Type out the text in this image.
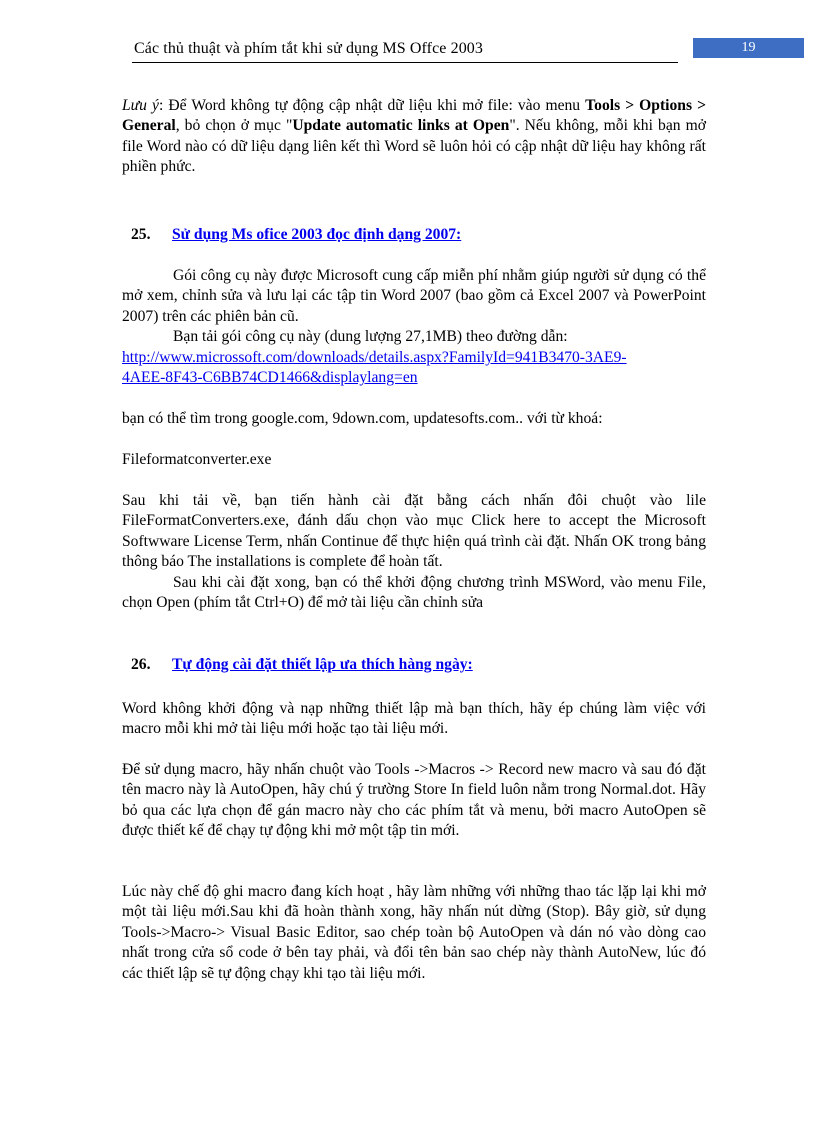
Các thủ thuật và phím tắt khi sử dụng MS Offce 2003	19

Lưu ý: Để Word không tự động cập nhật dữ liệu khi mở file: vào menu Tools > Options > General, bỏ chọn ở mục "Update automatic links at Open". Nếu không, mỗi khi bạn mở file Word nào có dữ liệu dạng liên kết thì Word sẽ luôn hỏi có cập nhật dữ liệu hay không rất phiền phức.

25. Sử dụng Ms ofice 2003 đọc định dạng 2007:

Gói công cụ này được Microsoft cung cấp miễn phí nhằm giúp người sử dụng có thể mở xem, chỉnh sửa và lưu lại các tập tin Word 2007 (bao gồm cả Excel 2007 và PowerPoint 2007) trên các phiên bản cũ.

Bạn tải gói công cụ này (dung lượng 27,1MB) theo đường dẫn:

http://www.microssoft.com/downloads/details.aspx?FamilyId=941B3470-3AE9-
4AEE-8F43-C6BB74CD1466&displaylang=en

bạn có thể tìm trong google.com, 9down.com, updatesofts.com.. với từ khoá:

Fileformatconverter.exe

Sau khi tải về, bạn tiến hành cài đặt bằng cách nhấn đôi chuột vào lile FileFormatConverters.exe, đánh dấu chọn vào mục Click here to accept the Microsoft Softwware License Term, nhấn Continue để thực hiện quá trình cài đặt. Nhấn OK trong bảng thông báo The installations is complete để hoàn tất.

Sau khi cài đặt xong, bạn có thể khởi động chương trình MSWord, vào menu File, chọn Open (phím tắt Ctrl+O) để mở tài liệu cần chỉnh sửa

26. Tự động cài đặt thiết lập ưa thích hàng ngày:

Word không khởi động và nạp những thiết lập mà bạn thích, hãy ép chúng làm việc với macro mỗi khi mở tài liệu mới hoặc tạo tài liệu mới.

Để sử dụng macro, hãy nhấn chuột vào Tools ->Macros -> Record new macro và sau đó đặt tên macro này là AutoOpen, hãy chú ý trường Store In field luôn nằm trong Normal.dot. Hãy bỏ qua các lựa chọn để gán macro này cho các phím tắt và menu, bởi macro AutoOpen sẽ được thiết kế để chạy tự động khi mở một tập tin mới.

Lúc này chế độ ghi macro đang kích hoạt , hãy làm những với những thao tác lặp lại khi mở một tài liệu mới.Sau khi đã hoàn thành xong, hãy nhấn nút dừng (Stop). Bây giờ, sử dụng Tools->Macro-> Visual Basic Editor, sao chép toàn bộ AutoOpen và dán nó vào dòng cao nhất trong cửa sổ code ở bên tay phải, và đổi tên bản sao chép này thành AutoNew, lúc đó các thiết lập sẽ tự động chạy khi tạo tài liệu mới.
